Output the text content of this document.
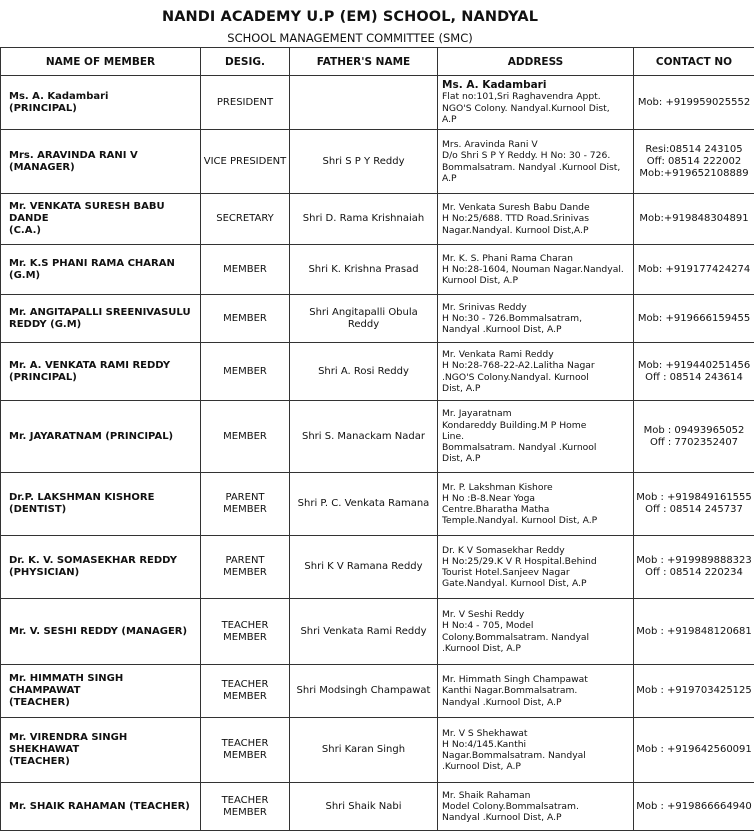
NANDI ACADEMY U.P (EM) SCHOOL, NANDYAL
SCHOOL MANAGEMENT COMMITTEE (SMC)
NAME OF MEMBER	DESIG.	FATHER'S NAME	ADDRESS	CONTACT NO
Ms. A. Kadambari
(PRINCIPAL)	PRESIDENT		Ms. A. Kadambari
Flat no:101,Sri Raghavendra Appt.
NGO'S Colony. Nandyal.Kurnool Dist,
A.P	Mob: +919959025552
Mrs. ARAVINDA RANI V
(MANAGER)	VICE PRESIDENT	Shri S P Y Reddy	Mrs. Aravinda Rani V
D/o Shri S P Y Reddy. H No: 30 - 726.
Bommalsatram. Nandyal .Kurnool Dist,
A.P	Resi:08514 243105
Off: 08514 222002
Mob:+919652108889
Mr. VENKATA SURESH BABU DANDE
(C.A.)	SECRETARY	Shri D. Rama Krishnaiah	Mr. Venkata Suresh Babu Dande
H No:25/688. TTD Road.Srinivas
Nagar.Nandyal. Kurnool Dist,A.P	Mob:+919848304891
Mr. K.S PHANI RAMA CHARAN
(G.M)	MEMBER	Shri K. Krishna Prasad	Mr. K. S. Phani Rama Charan
H No:28-1604, Nouman Nagar.Nandyal.
Kurnool Dist, A.P	Mob: +919177424274
Mr. ANGITAPALLI SREENIVASULU
REDDY (G.M)	MEMBER	Shri Angitapalli Obula
Reddy	Mr. Srinivas Reddy
H No:30 - 726.Bommalsatram,
Nandyal .Kurnool Dist, A.P	Mob: +919666159455
Mr. A. VENKATA RAMI REDDY
(PRINCIPAL)	MEMBER	Shri A. Rosi Reddy	Mr. Venkata Rami Reddy
H No:28-768-22-A2.Lalitha Nagar
.NGO'S Colony.Nandyal. Kurnool
Dist, A.P	Mob: +919440251456
Off : 08514 243614
Mr. JAYARATNAM (PRINCIPAL)	MEMBER	Shri S. Manackam Nadar	Mr. Jayaratnam
Kondareddy Building.M P Home
Line.
Bommalsatram. Nandyal .Kurnool
Dist, A.P	Mob : 09493965052
Off : 7702352407
Dr.P. LAKSHMAN KISHORE
(DENTIST)	PARENT MEMBER	Shri P. C. Venkata Ramana	Mr. P. Lakshman Kishore
H No :B-8.Near Yoga
Centre.Bharatha Matha
Temple.Nandyal. Kurnool Dist, A.P	Mob : +919849161555
Off : 08514 245737
Dr. K. V. SOMASEKHAR REDDY
(PHYSICIAN)	PARENT MEMBER	Shri K V Ramana Reddy	Dr. K V Somasekhar Reddy
H No:25/29.K V R Hospital.Behind
Tourist Hotel.Sanjeev Nagar
Gate.Nandyal. Kurnool Dist, A.P	Mob : +919989888323
Off : 08514 220234
Mr. V. SESHI REDDY (MANAGER)	TEACHER MEMBER	Shri Venkata Rami Reddy	Mr. V Seshi Reddy
H No:4 - 705, Model
Colony.Bommalsatram. Nandyal
.Kurnool Dist, A.P	Mob : +919848120681
Mr. HIMMATH SINGH CHAMPAWAT
(TEACHER)	TEACHER MEMBER	Shri Modsingh Champawat	Mr. Himmath Singh Champawat
Kanthi Nagar.Bommalsatram.
Nandyal .Kurnool Dist, A.P	Mob : +919703425125
Mr. VIRENDRA SINGH SHEKHAWAT
(TEACHER)	TEACHER MEMBER	Shri Karan Singh	Mr. V S Shekhawat
H No:4/145.Kanthi
Nagar.Bommalsatram. Nandyal
.Kurnool Dist, A.P	Mob : +919642560091
Mr. SHAIK RAHAMAN (TEACHER)	TEACHER MEMBER	Shri Shaik Nabi	Mr. Shaik Rahaman
Model Colony.Bommalsatram.
Nandyal .Kurnool Dist, A.P	Mob : +919866664940
